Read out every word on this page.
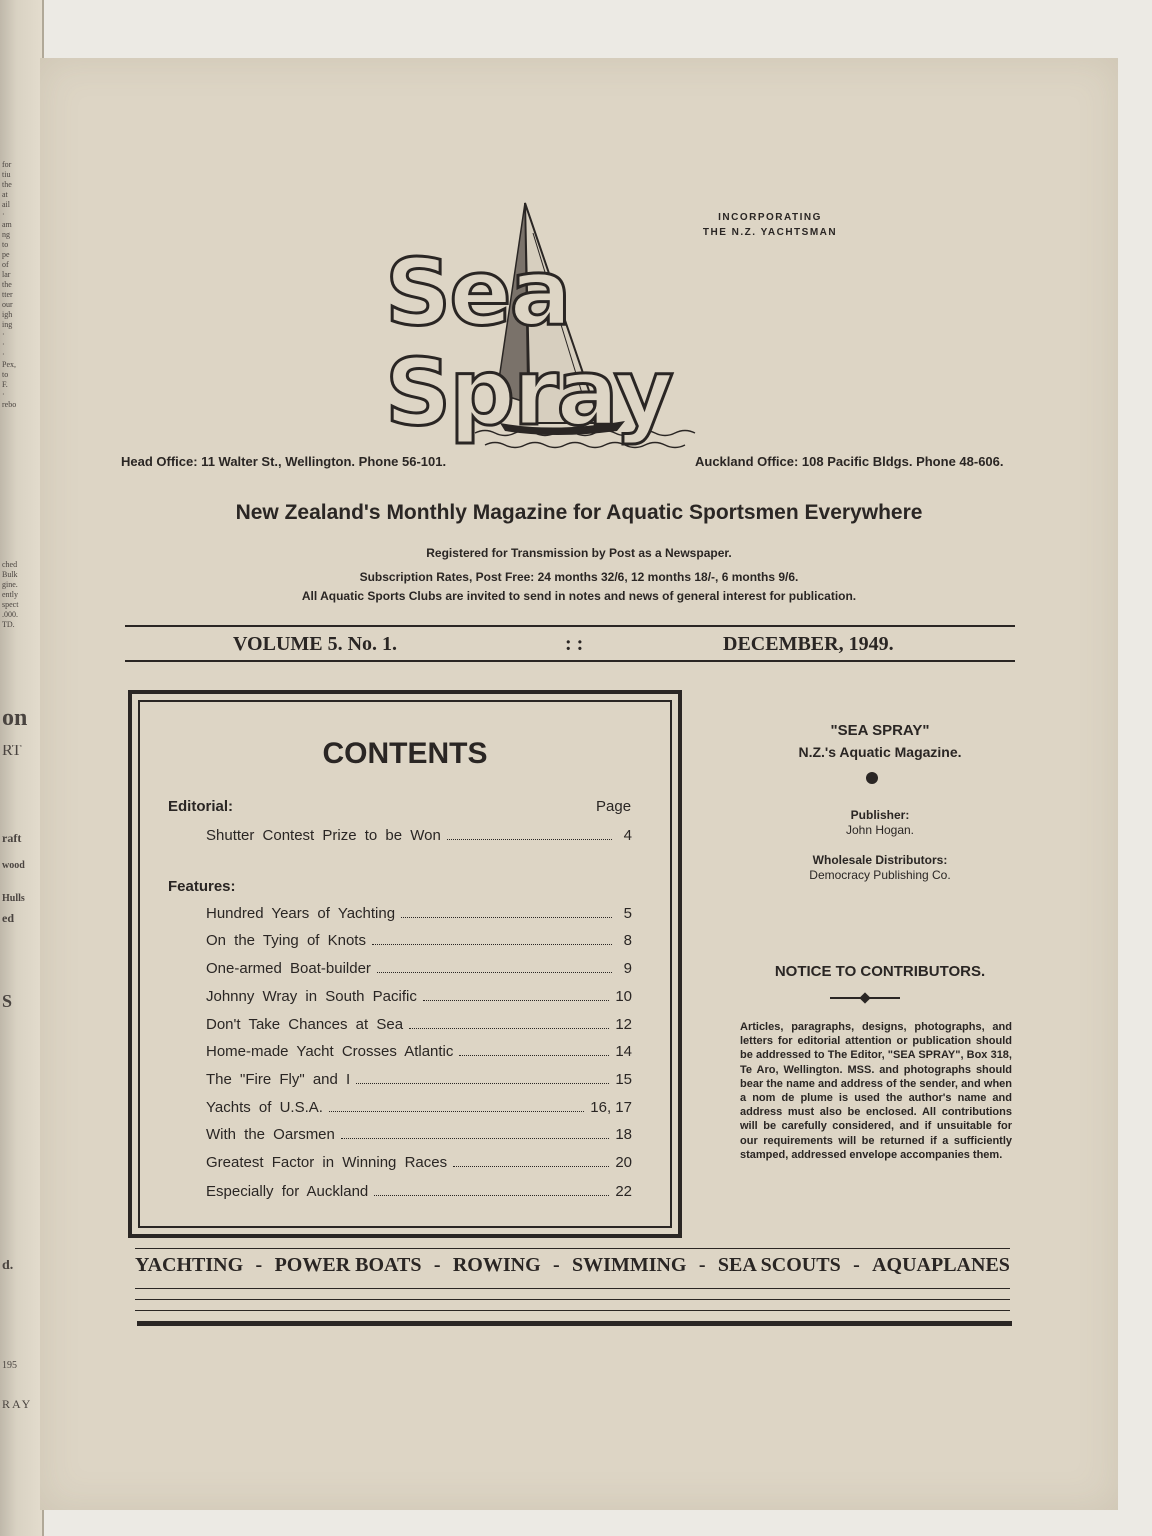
for
tiu
the
at
ail
·
am
ng
to
pe
of
lar
the
tter
our
igh
ing
·
·
·
Pex,
to
F.
·
rebo
ched
Bulk
gine.
ently
spect
.000.
TD.
on
RT
raft
wood
Hulls
ed
S
d.
195
RAY
INCORPORATING
THE N.Z. YACHTSMAN
Sea Spray
Head Office: 11 Walter St., Wellington. Phone 56-101.	Auckland Office: 108 Pacific Bldgs. Phone 48-606.
New Zealand's Monthly Magazine for Aquatic Sportsmen Everywhere
Registered for Transmission by Post as a Newspaper.
Subscription Rates, Post Free: 24 months 32/6, 12 months 18/-, 6 months 9/6.
All Aquatic Sports Clubs are invited to send in notes and news of general interest for publication.
VOLUME 5. No. 1.	: :	DECEMBER, 1949.
CONTENTS
Editorial:	Page
Shutter Contest Prize to be Won	4
Features:
Hundred Years of Yachting	5
On the Tying of Knots	8
One-armed Boat-builder	9
Johnny Wray in South Pacific	10
Don't Take Chances at Sea	12
Home-made Yacht Crosses Atlantic	14
The "Fire Fly" and I	15
Yachts of U.S.A.	16, 17
With the Oarsmen	18
Greatest Factor in Winning Races	20
Especially for Auckland	22
"SEA SPRAY"
N.Z.'s Aquatic Magazine.
Publisher:
John Hogan.
Wholesale Distributors:
Democracy Publishing Co.
NOTICE TO CONTRIBUTORS.
Articles, paragraphs, designs, photographs, and letters for editorial attention or publication should be addressed to The Editor, "SEA SPRAY", Box 318, Te Aro, Wellington. MSS. and photographs should bear the name and address of the sender, and when a nom de plume is used the author's name and address must also be enclosed. All contributions will be carefully considered, and if unsuitable for our requirements will be returned if a sufficiently stamped, addressed envelope accompanies them.
YACHTING - POWER BOATS - ROWING - SWIMMING - SEA SCOUTS - AQUAPLANES
